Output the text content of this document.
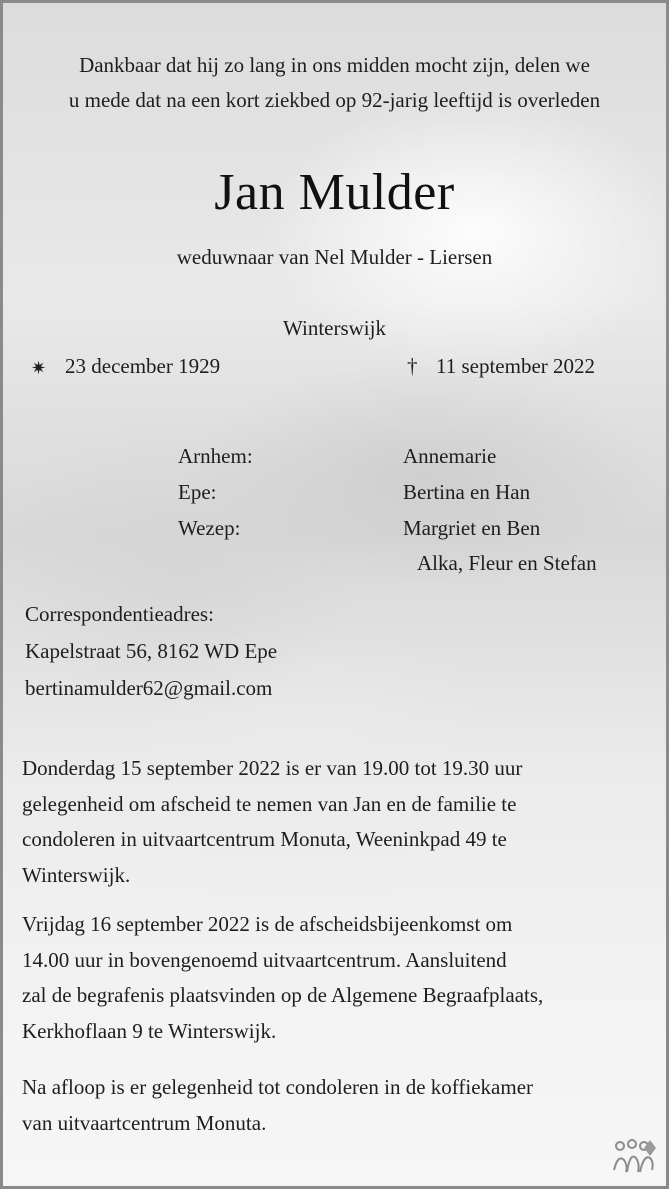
Dankbaar dat hij zo lang in ons midden mocht zijn, delen we
u mede dat na een kort ziekbed op 92-jarig leeftijd is overleden
Jan Mulder
weduwnaar van Nel Mulder - Liersen
Winterswijk
✷ 23 december 1929	† 11 september 2022
Arnhem:	Annemarie
Epe:	Bertina en Han
Wezep:	Margriet en Ben
Alka, Fleur en Stefan
Correspondentieadres:
Kapelstraat 56, 8162 WD Epe
bertinamulder62@gmail.com
Donderdag 15 september 2022 is er van 19.00 tot 19.30 uur
gelegenheid om afscheid te nemen van Jan en de familie te
condoleren in uitvaartcentrum Monuta, Weeninkpad 49 te
Winterswijk.
Vrijdag 16 september 2022 is de afscheidsbijeenkomst om
14.00 uur in bovengenoemd uitvaartcentrum. Aansluitend
zal de begrafenis plaatsvinden op de Algemene Begraafplaats,
Kerkhoflaan 9 te Winterswijk.
Na afloop is er gelegenheid tot condoleren in de koffiekamer
van uitvaartcentrum Monuta.
